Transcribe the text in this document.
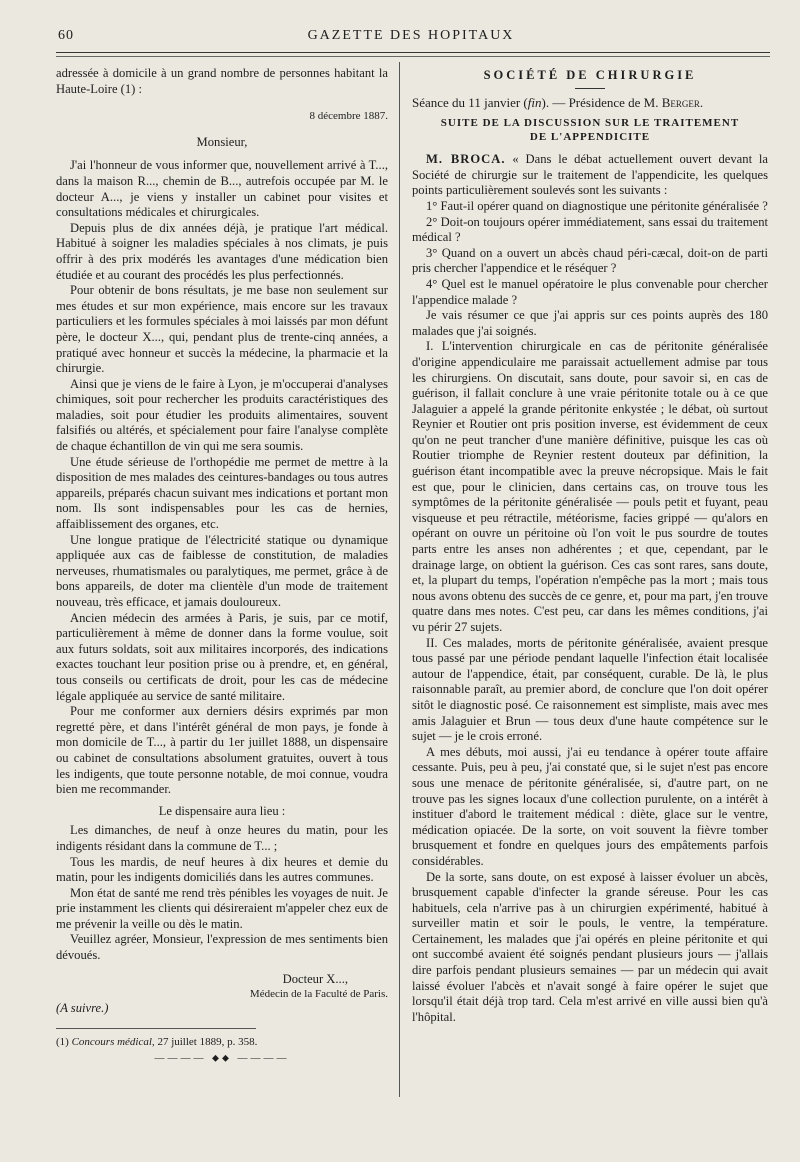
60	GAZETTE DES HOPITAUX

adressée à domicile à un grand nombre de personnes habitant la Haute-Loire (1) :

8 décembre 1887.

Monsieur,

J'ai l'honneur de vous informer que, nouvellement arrivé à T..., dans la maison R..., chemin de B..., autrefois occupée par M. le docteur A..., je viens y installer un cabinet pour visites et consultations médicales et chirurgicales.

Depuis plus de dix années déjà, je pratique l'art médical. Habitué à soigner les maladies spéciales à nos climats, je puis offrir à des prix modérés les avantages d'une médication bien étudiée et au courant des procédés les plus perfectionnés.

Pour obtenir de bons résultats, je me base non seulement sur mes études et sur mon expérience, mais encore sur les travaux particuliers et les formules spéciales à moi laissés par mon défunt père, le docteur X..., qui, pendant plus de trente-cinq années, a pratiqué avec honneur et succès la médecine, la pharmacie et la chirurgie.

Ainsi que je viens de le faire à Lyon, je m'occuperai d'analyses chimiques, soit pour rechercher les produits caractéristiques des maladies, soit pour étudier les produits alimentaires, souvent falsifiés ou altérés, et spécialement pour faire l'analyse complète de chaque échantillon de vin qui me sera soumis.

Une étude sérieuse de l'orthopédie me permet de mettre à la disposition de mes malades des ceintures-bandages ou tous autres appareils, préparés chacun suivant mes indications et portant mon nom. Ils sont indispensables pour les cas de hernies, affaiblissement des organes, etc.

Une longue pratique de l'électricité statique ou dynamique appliquée aux cas de faiblesse de constitution, de maladies nerveuses, rhumatismales ou paralytiques, me permet, grâce à de bons appareils, de doter ma clientèle d'un mode de traitement nouveau, très efficace, et jamais douloureux.

Ancien médecin des armées à Paris, je suis, par ce motif, particulièrement à même de donner dans la forme voulue, soit aux futurs soldats, soit aux militaires incorporés, des indications exactes touchant leur position prise ou à prendre, et, en général, tous conseils ou certificats de droit, pour les cas de médecine légale appliquée au service de santé militaire.

Pour me conformer aux derniers désirs exprimés par mon regretté père, et dans l'intérêt général de mon pays, je fonde à mon domicile de T..., à partir du 1er juillet 1888, un dispensaire ou cabinet de consultations absolument gratuites, ouvert à tous les indigents, que toute personne notable, de moi connue, voudra bien me recommander.

Le dispensaire aura lieu :

Les dimanches, de neuf à onze heures du matin, pour les indigents résidant dans la commune de T... ;

Tous les mardis, de neuf heures à dix heures et demie du matin, pour les indigents domiciliés dans les autres communes.

Mon état de santé me rend très pénibles les voyages de nuit. Je prie instamment les clients qui désireraient m'appeler chez eux de me prévenir la veille ou dès le matin.

Veuillez agréer, Monsieur, l'expression de mes sentiments bien dévoués.

Docteur X...,

Médecin de la Faculté de Paris.

(A suivre.)

(1) Concours médical, 27 juillet 1889, p. 358.

———— ⬥⬥ ————

SOCIÉTÉ DE CHIRURGIE

Séance du 11 janvier (fin). — Présidence de M. Berger.

SUITE DE LA DISCUSSION SUR LE TRAITEMENT
DE L'APPENDICITE

M. BROCA. « Dans le débat actuellement ouvert devant la Société de chirurgie sur le traitement de l'appendicite, les quelques points particulièrement soulevés sont les suivants :

1° Faut-il opérer quand on diagnostique une péritonite généralisée ?

2° Doit-on toujours opérer immédiatement, sans essai du traitement médical ?

3° Quand on a ouvert un abcès chaud péri-cæcal, doit-on de parti pris chercher l'appendice et le réséquer ?

4° Quel est le manuel opératoire le plus convenable pour chercher l'appendice malade ?

Je vais résumer ce que j'ai appris sur ces points auprès des 180 malades que j'ai soignés.

I. L'intervention chirurgicale en cas de péritonite généralisée d'origine appendiculaire me paraissait actuellement admise par tous les chirurgiens. On discutait, sans doute, pour savoir si, en cas de guérison, il fallait conclure à une vraie péritonite totale ou à ce que Jalaguier a appelé la grande péritonite enkystée ; le débat, où surtout Reynier et Routier ont pris position inverse, est évidemment de ceux qu'on ne peut trancher d'une manière définitive, puisque les cas où Routier triomphe de Reynier restent douteux par définition, la guérison étant incompatible avec la preuve nécropsique. Mais le fait est que, pour le clinicien, dans certains cas, on trouve tous les symptômes de la péritonite généralisée — pouls petit et fuyant, peau visqueuse et peu rétractile, météorisme, facies grippé — qu'alors en opérant on ouvre un péritoine où l'on voit le pus sourdre de toutes parts entre les anses non adhérentes ; et que, cependant, par le drainage large, on obtient la guérison. Ces cas sont rares, sans doute, et, la plupart du temps, l'opération n'empêche pas la mort ; mais tous nous avons obtenu des succès de ce genre, et, pour ma part, j'en trouve quatre dans mes notes. C'est peu, car dans les mêmes conditions, j'ai vu périr 27 sujets.

II. Ces malades, morts de péritonite généralisée, avaient presque tous passé par une période pendant laquelle l'infection était localisée autour de l'appendice, était, par conséquent, curable. De là, le plus raisonnable paraît, au premier abord, de conclure que l'on doit opérer sitôt le diagnostic posé. Ce raisonnement est simpliste, mais avec mes amis Jalaguier et Brun — tous deux d'une haute compétence sur le sujet — je le crois erroné.

A mes débuts, moi aussi, j'ai eu tendance à opérer toute affaire cessante. Puis, peu à peu, j'ai constaté que, si le sujet n'est pas encore sous une menace de péritonite généralisée, si, d'autre part, on ne trouve pas les signes locaux d'une collection purulente, on a intérêt à instituer d'abord le traitement médical : diète, glace sur le ventre, médication opiacée. De la sorte, on voit souvent la fièvre tomber brusquement et fondre en quelques jours des empâtements parfois considérables.

De la sorte, sans doute, on est exposé à laisser évoluer un abcès, brusquement capable d'infecter la grande séreuse. Pour les cas habituels, cela n'arrive pas à un chirurgien expérimenté, habitué à surveiller matin et soir le pouls, le ventre, la température. Certainement, les malades que j'ai opérés en pleine péritonite et qui ont succombé avaient été soignés pendant plusieurs jours — j'allais dire parfois pendant plusieurs semaines — par un médecin qui avait laissé évoluer l'abcès et n'avait songé à faire opérer le sujet que lorsqu'il était déjà trop tard. Cela m'est arrivé en ville aussi bien qu'à l'hôpital.
